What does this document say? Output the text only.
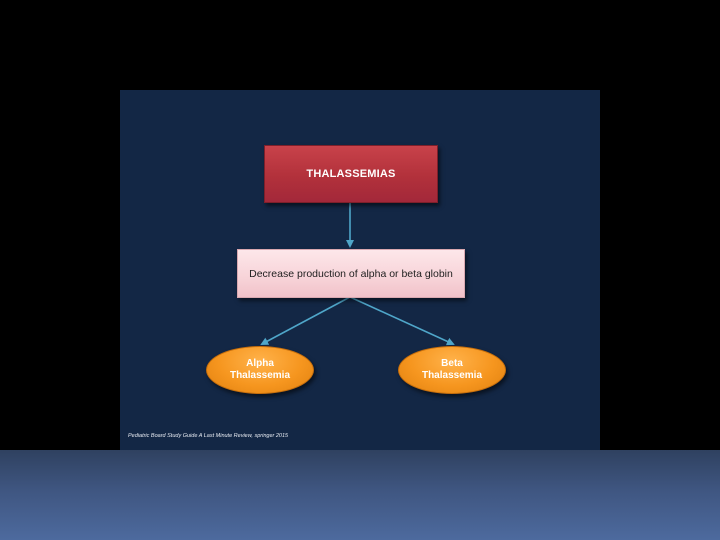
THALASSEMIAS
Decrease production of alpha or beta globin
Alpha
Thalassemia
Beta
Thalassemia
Pediatric Board Study Guide A Last Minute Review, springer 2015
